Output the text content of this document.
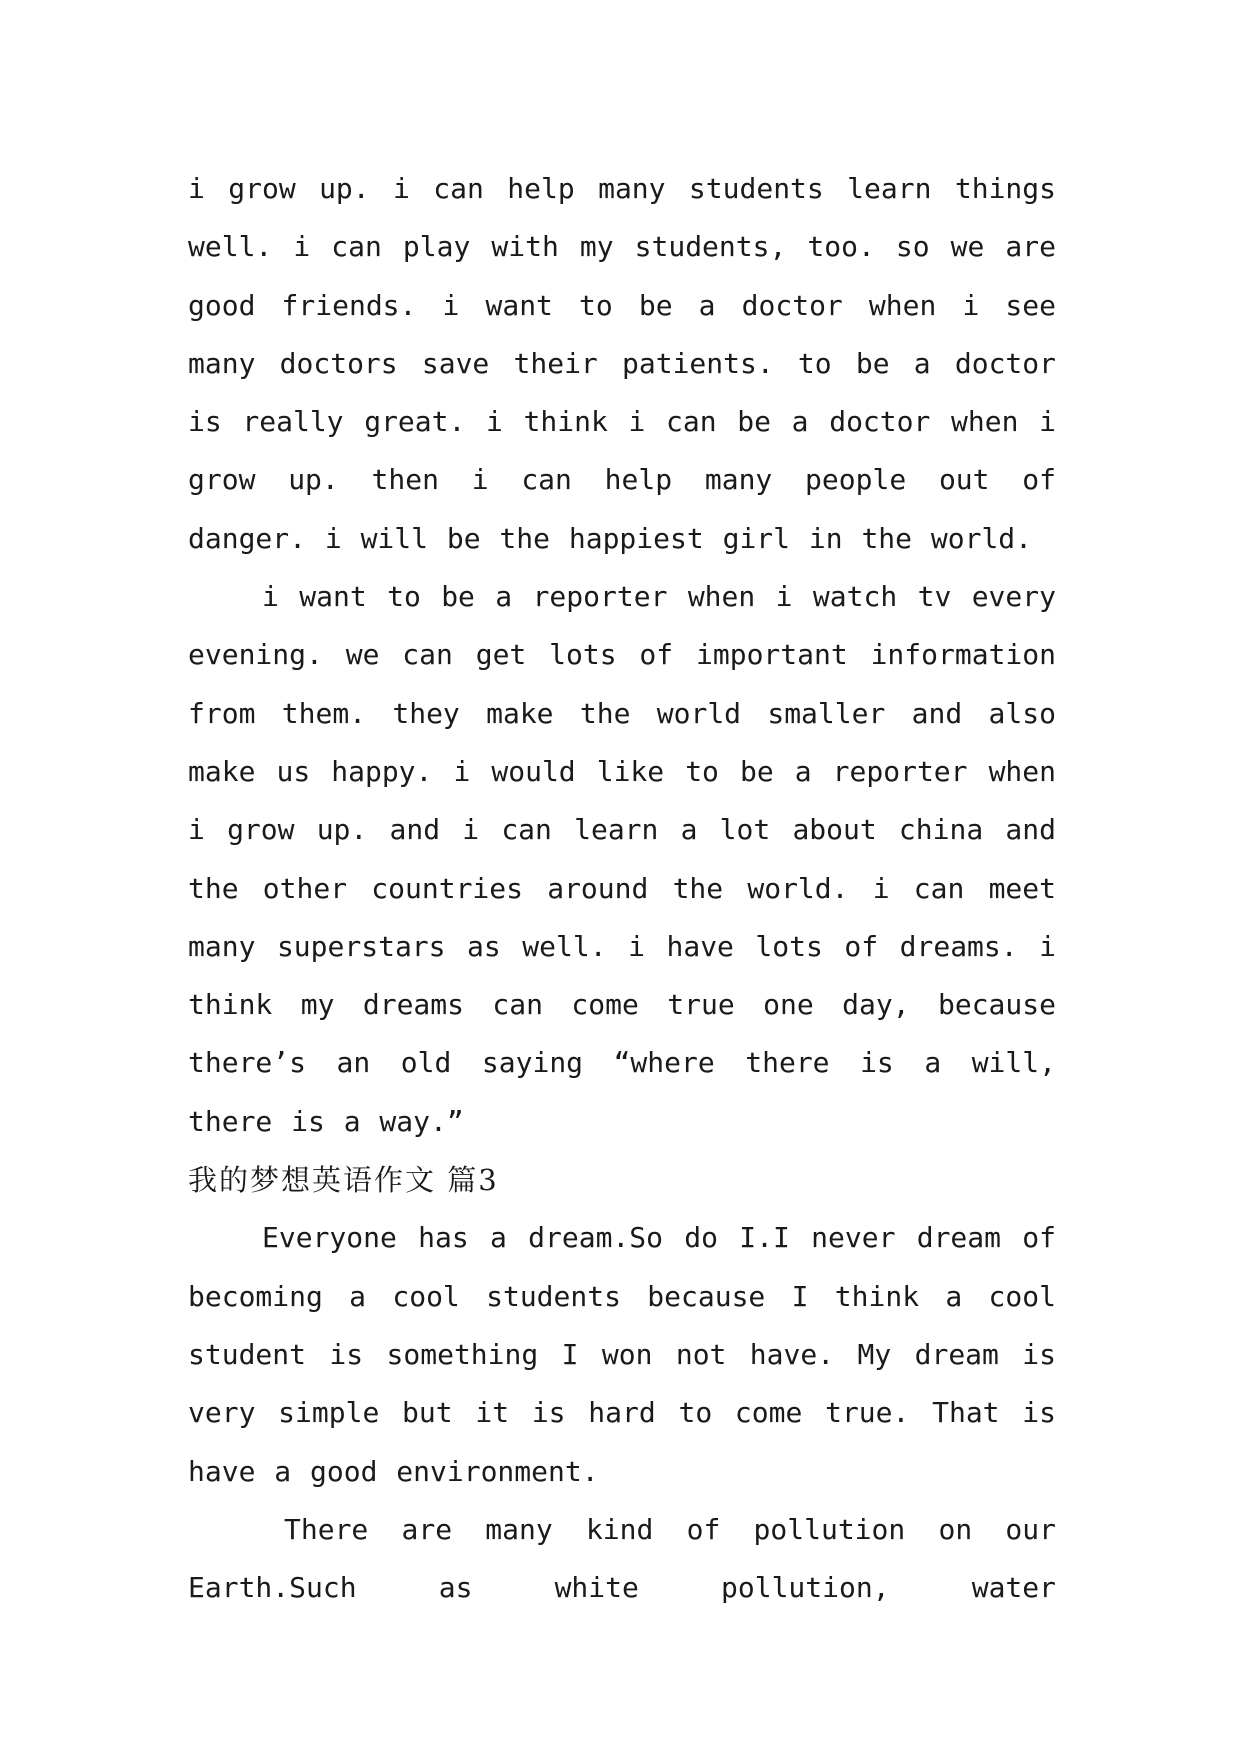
i grow up. i can help many students learn things well. i can play with my students, too. so we are good friends. i want to be a doctor when i see many doctors save their patients. to be a doctor is really great. i think i can be a doctor when i grow up. then i can help many people out of danger. i will be the happiest girl in the world.

i want to be a reporter when i watch tv every evening. we can get lots of important information from them. they make the world smaller and also make us happy. i would like to be a reporter when i grow up. and i can learn a lot about china and the other countries around the world. i can meet many superstars as well. i have lots of dreams. i think my dreams can come true one day, because there’s an old saying “where there is a will, there is a way.”

我的梦想英语作文 篇3

Everyone has a dream.So do I.I never dream of becoming a cool students because I think a cool student is something I won not have. My dream is very simple but it is hard to come true. That is have a good environment.

There are many kind of pollution on our Earth.Such as white pollution, water
